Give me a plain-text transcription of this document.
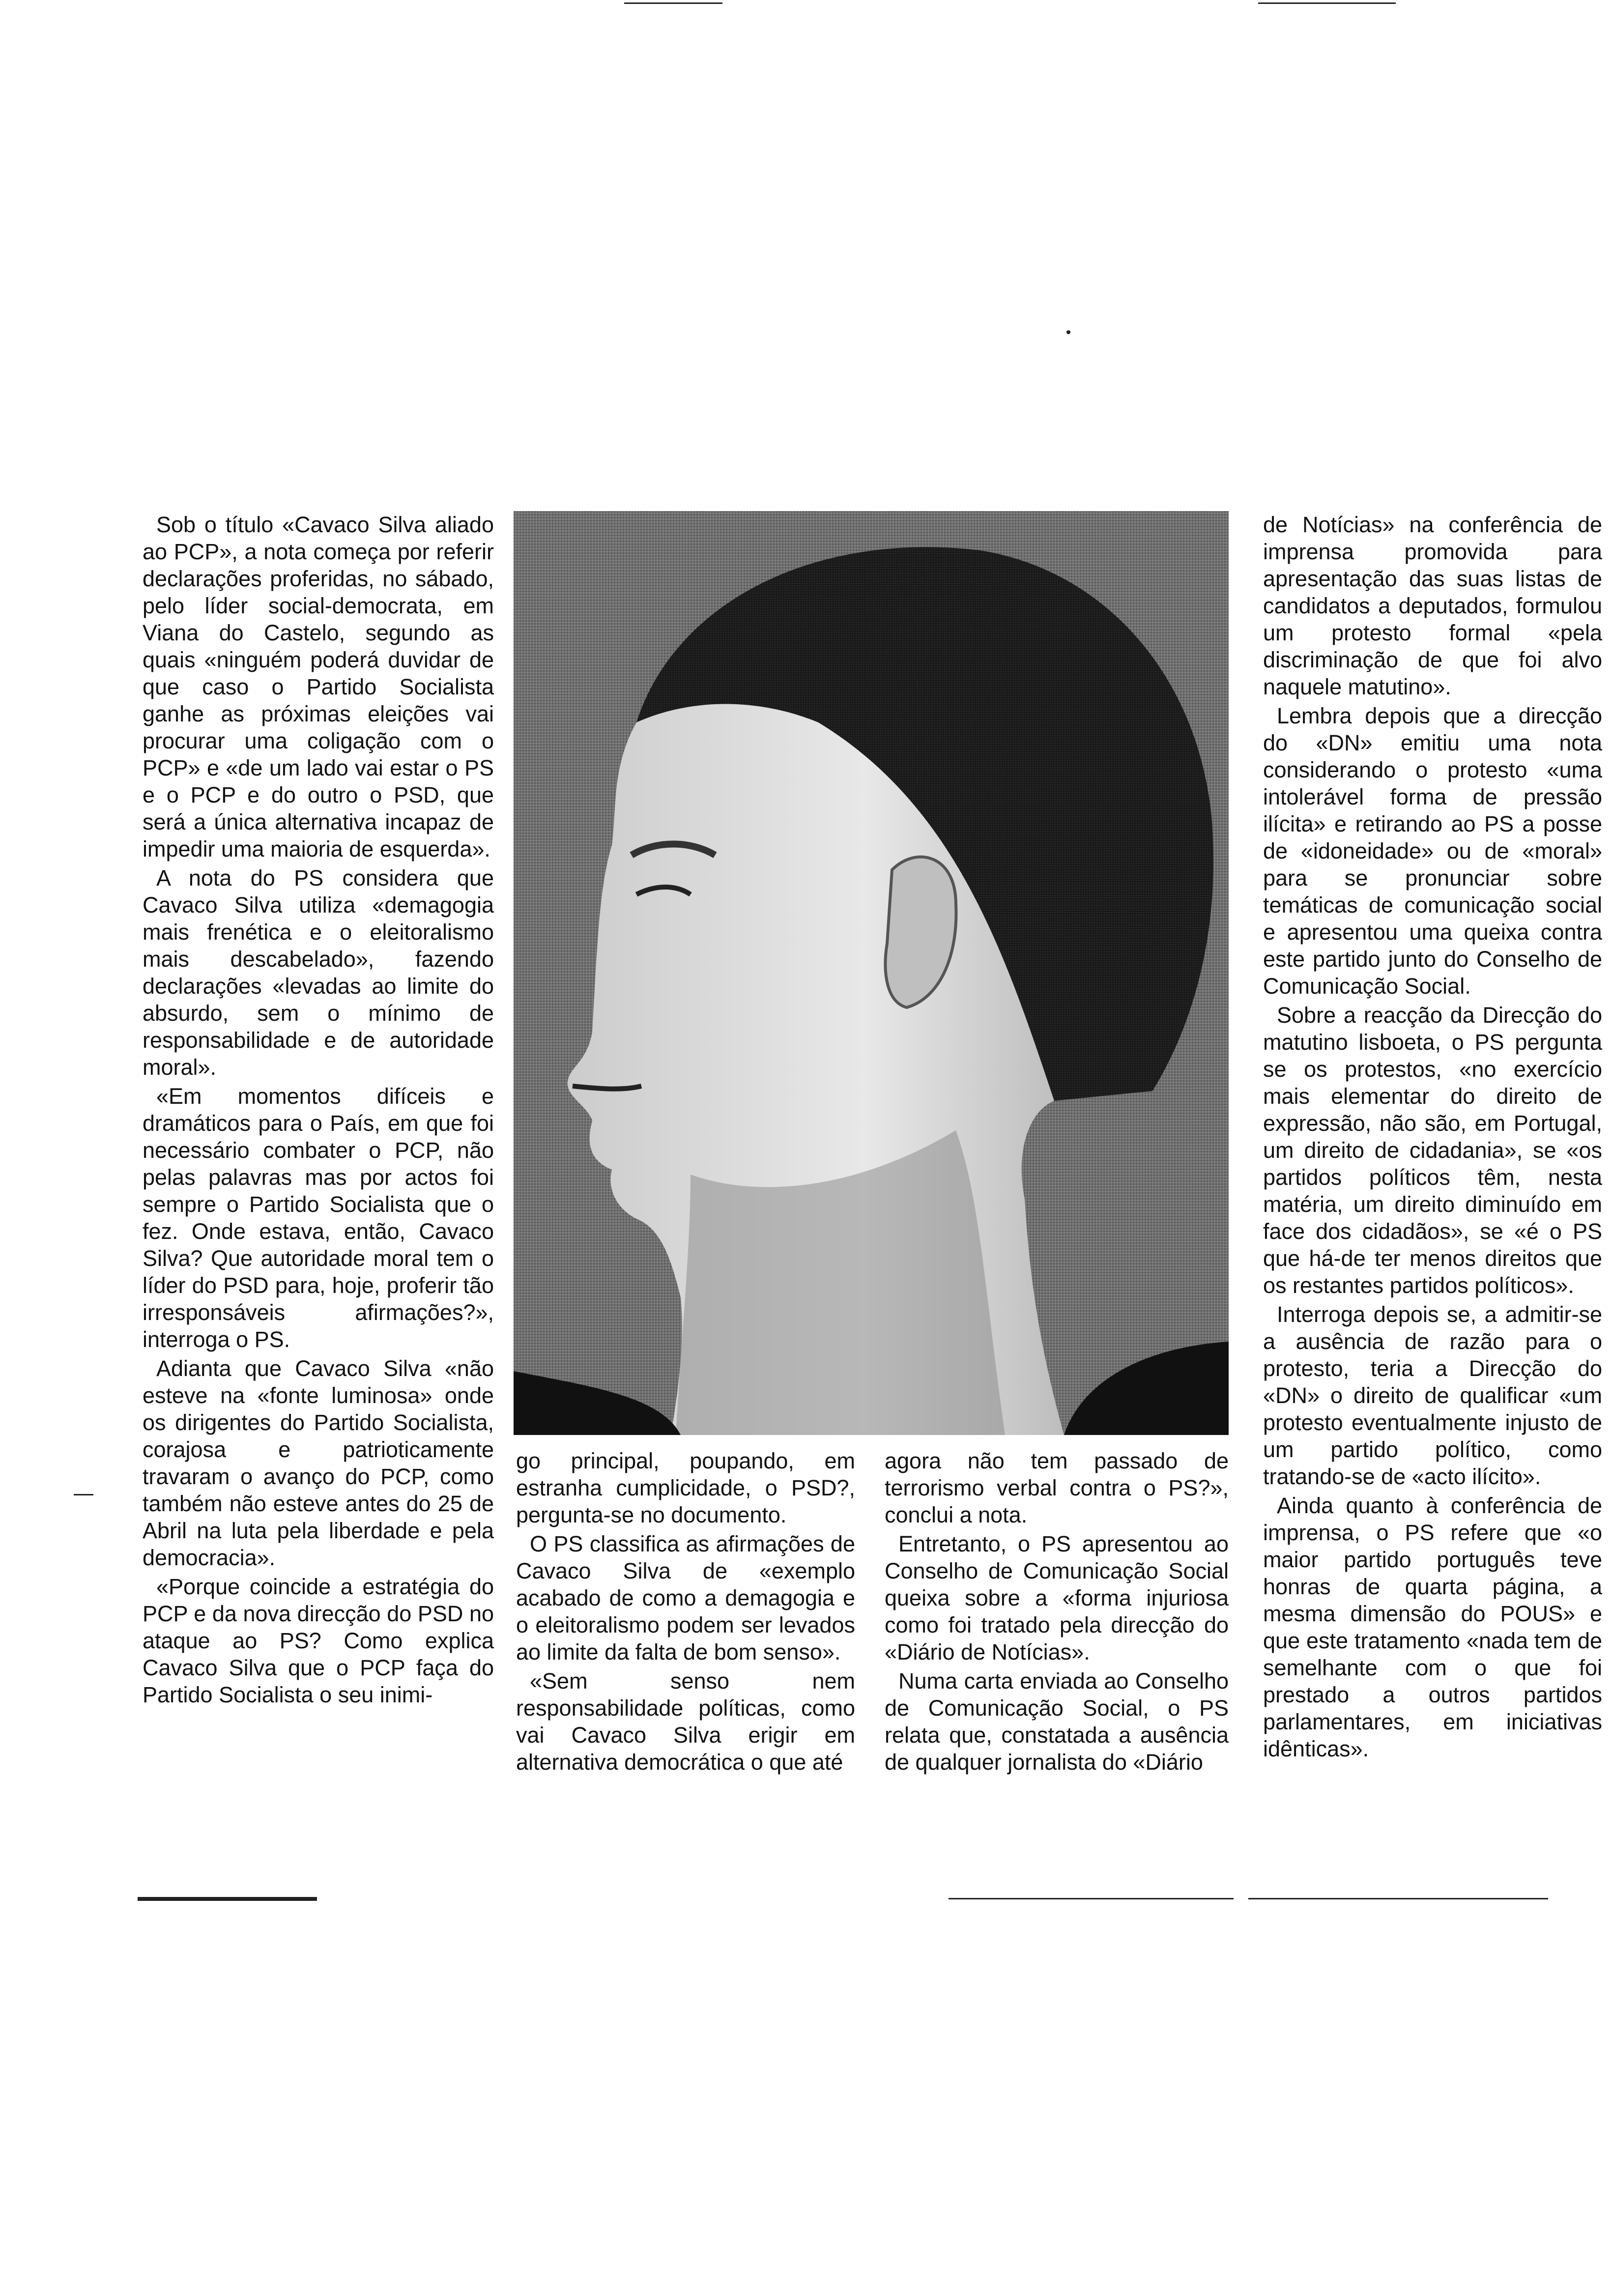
Sob o título «Cavaco Silva aliado ao PCP», a nota começa por referir declarações proferidas, no sábado, pelo líder social-democrata, em Viana do Castelo, segundo as quais «ninguém poderá duvidar de que caso o Partido Socialista ganhe as próximas eleições vai procurar uma coligação com o PCP» e «de um lado vai estar o PS e o PCP e do outro o PSD, que será a única alternativa incapaz de impedir uma maioria de esquerda».

A nota do PS considera que Cavaco Silva utiliza «demagogia mais frenética e o eleitoralismo mais descabelado», fazendo declarações «levadas ao limite do absurdo, sem o mínimo de responsabilidade e de autoridade moral».

«Em momentos difíceis e dramáticos para o País, em que foi necessário combater o PCP, não pelas palavras mas por actos foi sempre o Partido Socialista que o fez. Onde estava, então, Cavaco Silva? Que autoridade moral tem o líder do PSD para, hoje, proferir tão irresponsáveis afirmações?», interroga o PS.

Adianta que Cavaco Silva «não esteve na «fonte luminosa» onde os dirigentes do Partido Socialista, corajosa e patrioticamente travaram o avanço do PCP, como também não esteve antes do 25 de Abril na luta pela liberdade e pela democracia».

«Porque coincide a estratégia do PCP e da nova direcção do PSD no ataque ao PS? Como explica Cavaco Silva que o PCP faça do Partido Socialista o seu inimi-

go principal, poupando, em estranha cumplicidade, o PSD?, pergunta-se no documento.

O PS classifica as afirmações de Cavaco Silva de «exemplo acabado de como a demagogia e o eleitoralismo podem ser levados ao limite da falta de bom senso».

«Sem senso nem responsabilidade políticas, como vai Cavaco Silva erigir em alternativa democrática o que até

agora não tem passado de terrorismo verbal contra o PS?», conclui a nota.

Entretanto, o PS apresentou ao Conselho de Comunicação Social queixa sobre a «forma injuriosa como foi tratado pela direcção do «Diário de Notícias».

Numa carta enviada ao Conselho de Comunicação Social, o PS relata que, constatada a ausência de qualquer jornalista do «Diário

de Notícias» na conferência de imprensa promovida para apresentação das suas listas de candidatos a deputados, formulou um protesto formal «pela discriminação de que foi alvo naquele matutino».

Lembra depois que a direcção do «DN» emitiu uma nota considerando o protesto «uma intolerável forma de pressão ilícita» e retirando ao PS a posse de «idoneidade» ou de «moral» para se pronunciar sobre temáticas de comunicação social e apresentou uma queixa contra este partido junto do Conselho de Comunicação Social.

Sobre a reacção da Direcção do matutino lisboeta, o PS pergunta se os protestos, «no exercício mais elementar do direito de expressão, não são, em Portugal, um direito de cidadania», se «os partidos políticos têm, nesta matéria, um direito diminuído em face dos cidadãos», se «é o PS que há-de ter menos direitos que os restantes partidos políticos».

Interroga depois se, a admitir-se a ausência de razão para o protesto, teria a Direcção do «DN» o direito de qualificar «um protesto eventualmente injusto de um partido político, como tratando-se de «acto ilícito».

Ainda quanto à conferência de imprensa, o PS refere que «o maior partido português teve honras de quarta página, a mesma dimensão do POUS» e que este tratamento «nada tem de semelhante com o que foi prestado a outros partidos parlamentares, em iniciativas idênticas».
